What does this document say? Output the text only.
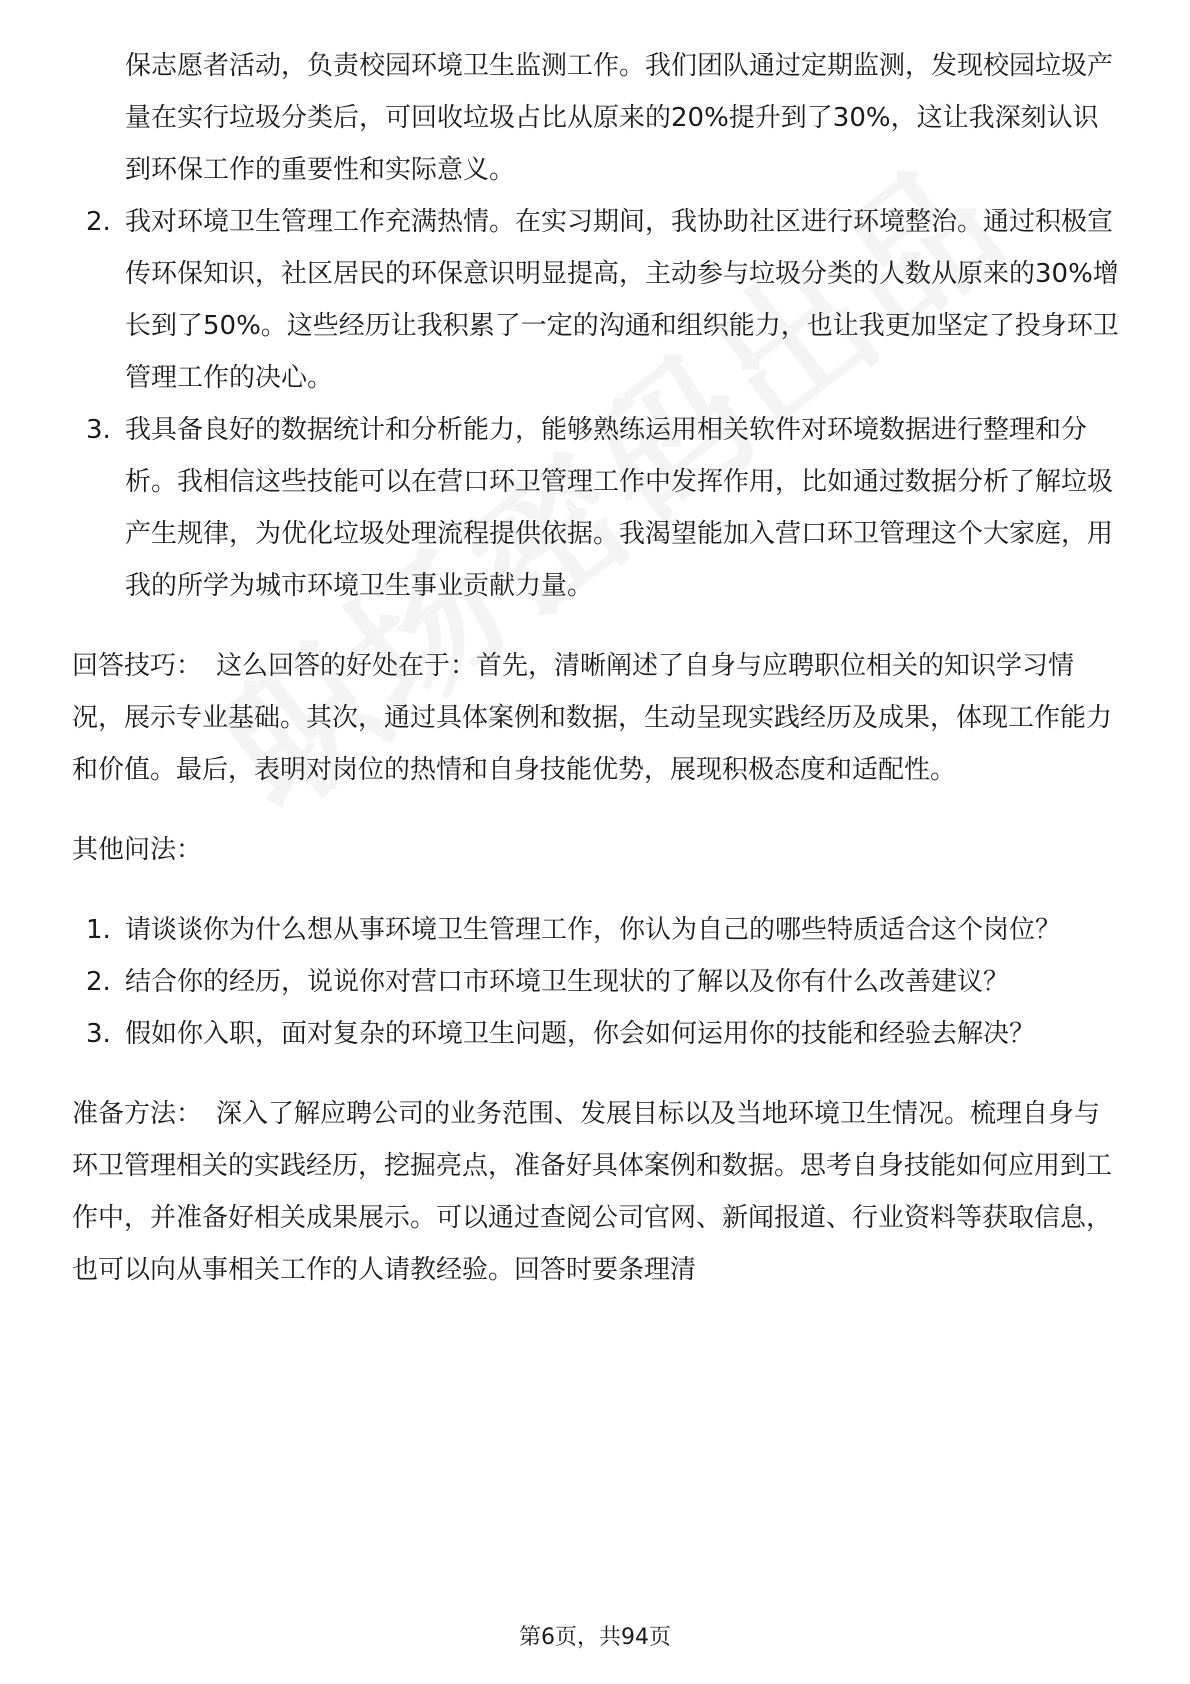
保志愿者活动，负责校园环境卫生监测工作。我们团队通过定期监测，发现校园垃圾产量在实行垃圾分类后，可回收垃圾占比从原来的20%提升到了30%，这让我深刻认识到环保工作的重要性和实际意义。

2. 我对环境卫生管理工作充满热情。在实习期间，我协助社区进行环境整治。通过积极宣传环保知识，社区居民的环保意识明显提高，主动参与垃圾分类的人数从原来的30%增长到了50%。这些经历让我积累了一定的沟通和组织能力，也让我更加坚定了投身环卫管理工作的决心。
3. 我具备良好的数据统计和分析能力，能够熟练运用相关软件对环境数据进行整理和分析。我相信这些技能可以在营口环卫管理工作中发挥作用，比如通过数据分析了解垃圾产生规律，为优化垃圾处理流程提供依据。我渴望能加入营口环卫管理这个大家庭，用我的所学为城市环境卫生事业贡献力量。

回答技巧： 这么回答的好处在于：首先，清晰阐述了自身与应聘职位相关的知识学习情况，展示专业基础。其次，通过具体案例和数据，生动呈现实践经历及成果，体现工作能力和价值。最后，表明对岗位的热情和自身技能优势，展现积极态度和适配性。

其他问法：

1. 请谈谈你为什么想从事环境卫生管理工作，你认为自己的哪些特质适合这个岗位？
2. 结合你的经历，说说你对营口市环境卫生现状的了解以及你有什么改善建议？
3. 假如你入职，面对复杂的环境卫生问题，你会如何运用你的技能和经验去解决？

准备方法： 深入了解应聘公司的业务范围、发展目标以及当地环境卫生情况。梳理自身与环卫管理相关的实践经历，挖掘亮点，准备好具体案例和数据。思考自身技能如何应用到工作中，并准备好相关成果展示。可以通过查阅公司官网、新闻报道、行业资料等获取信息，也可以向从事相关工作的人请教经验。回答时要条理清

第6页，共94页
